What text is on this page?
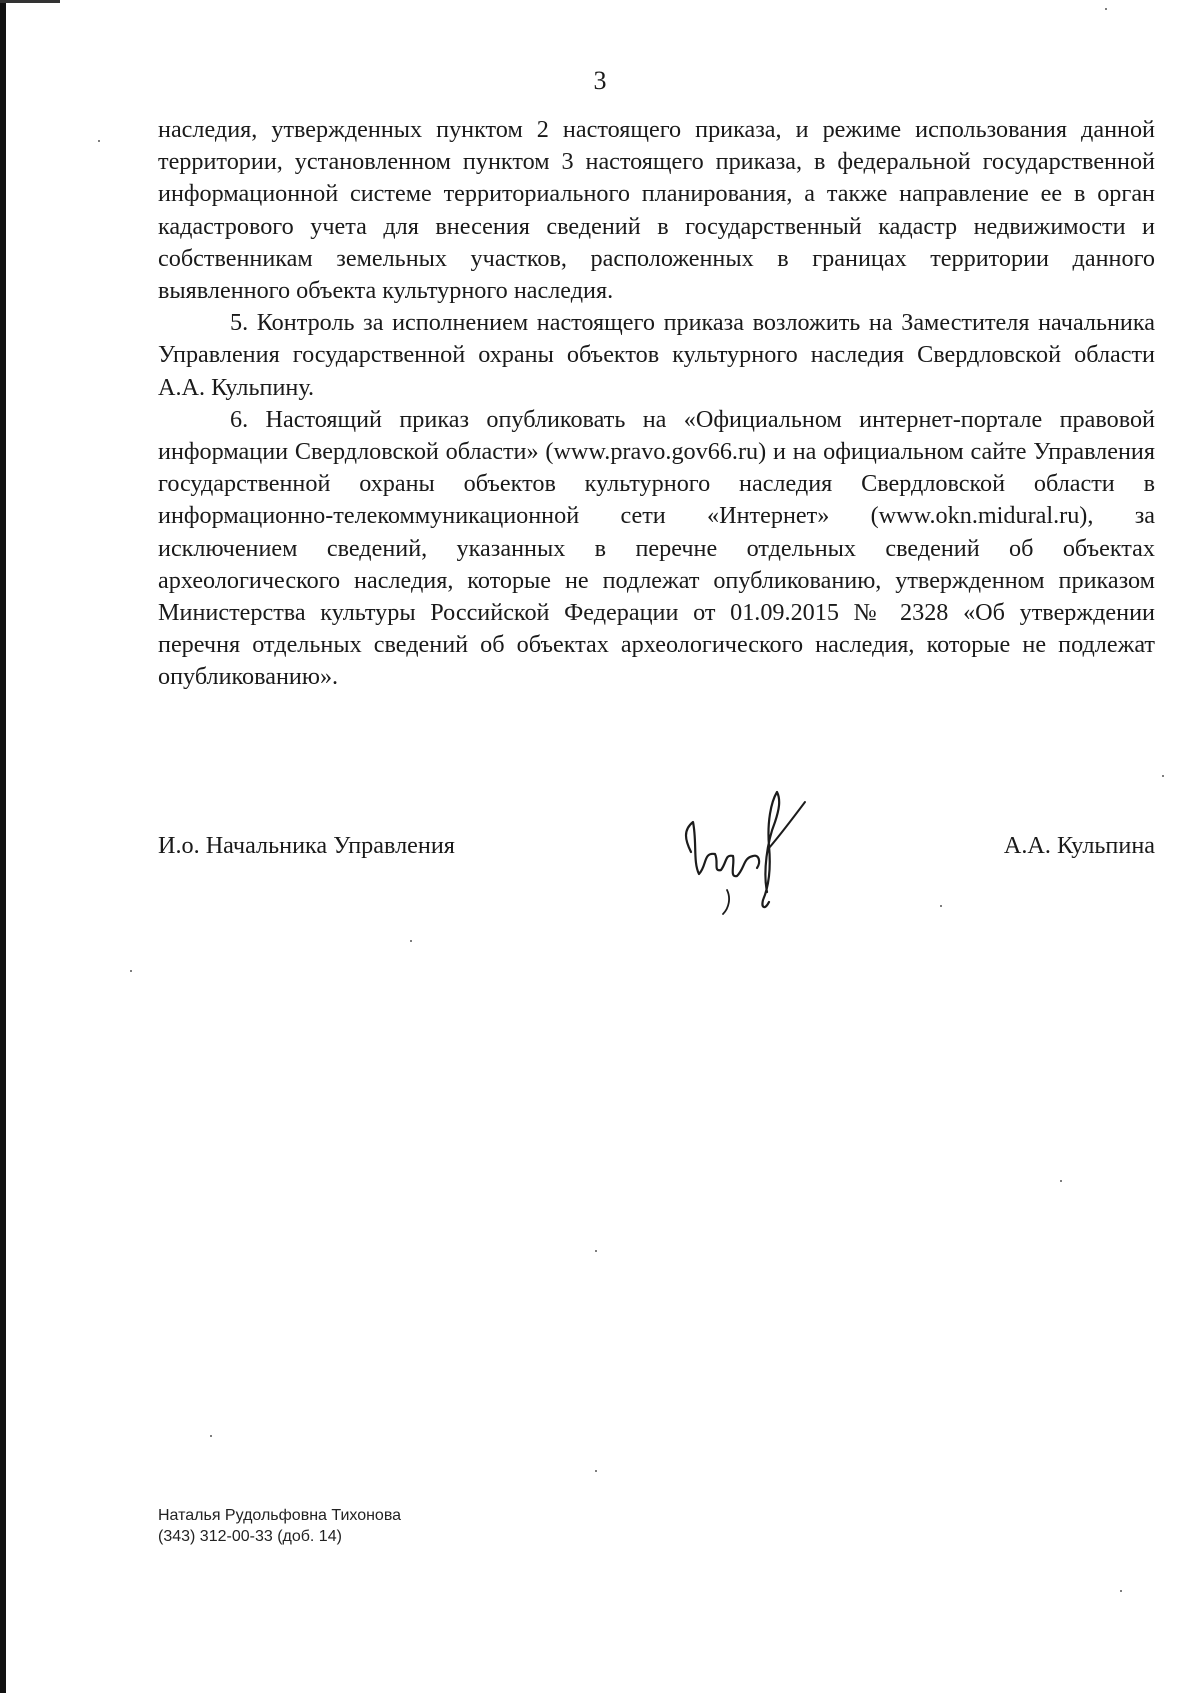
3

наследия, утвержденных пунктом 2 настоящего приказа, и режиме использования данной территории, установленном пунктом 3 настоящего приказа, в федеральной государственной информационной системе территориального планирования, а также направление ее в орган кадастрового учета для внесения сведений в государственный кадастр недвижимости и собственникам земельных участков, расположенных в границах территории данного выявленного объекта культурного наследия.

5. Контроль за исполнением настоящего приказа возложить на Заместителя начальника Управления государственной охраны объектов культурного наследия Свердловской области А.А. Кульпину.

6. Настоящий приказ опубликовать на «Официальном интернет-портале правовой информации Свердловской области» (www.pravo.gov66.ru) и на официальном сайте Управления государственной охраны объектов культурного наследия Свердловской области в информационно-телекоммуникационной сети «Интернет» (www.okn.midural.ru), за исключением сведений, указанных в перечне отдельных сведений об объектах археологического наследия, которые не подлежат опубликованию, утвержденном приказом Министерства культуры Российской Федерации от 01.09.2015 № 2328 «Об утверждении перечня отдельных сведений об объектах археологического наследия, которые не подлежат опубликованию».

И.о. Начальника Управления	А.А. Кульпина
Наталья Рудольфовна Тихонова
(343) 312-00-33 (доб. 14)
